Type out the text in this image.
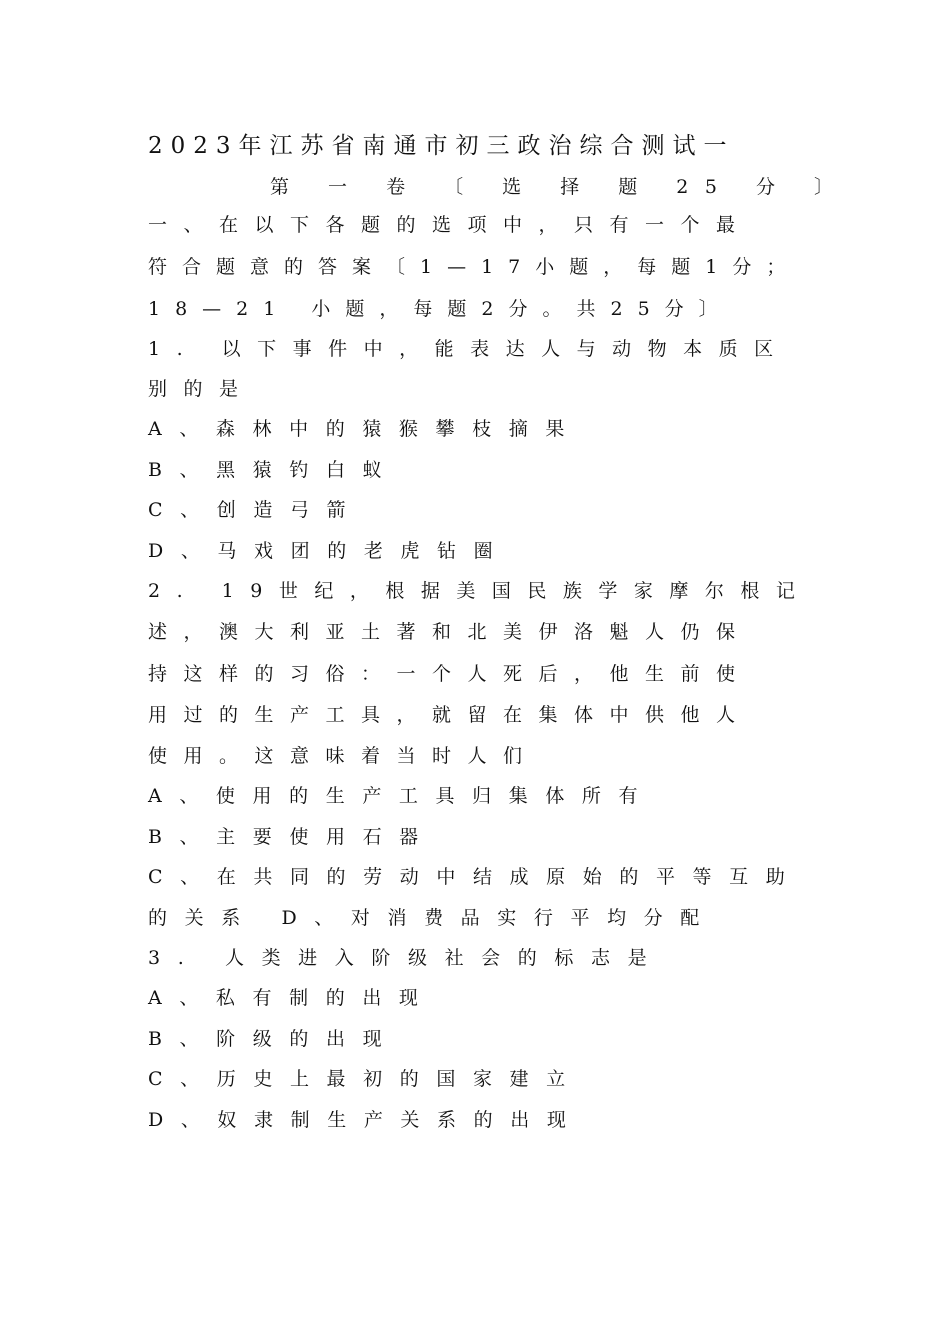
2023年江苏省南通市初三政治综合测试一
第 一 卷 〔 选 择 题 25 分 〕
一、在以下各题的选项中，只有一个最
符合题意的答案〔1—17小题，每题1分；
18—21 小题，每题2分。共25分〕
1. 以下事件中，能表达人与动物本质区
别的是
A、森林中的猿猴攀枝摘果
B、黑猿钓白蚁
C、创造弓箭
D、马戏团的老虎钻圈
2. 19世纪，根据美国民族学家摩尔根记
述，澳大利亚土著和北美伊洛魁人仍保
持这样的习俗：一个人死后，他生前使
用过的生产工具，就留在集体中供他人
使用。这意味着当时人们
A、使用的生产工具归集体所有
B、主要使用石器
C、在共同的劳动中结成原始的平等互助
的关系 D、对消费品实行平均分配
3. 人类进入阶级社会的标志是
A、私有制的出现
B、阶级的出现
C、历史上最初的国家建立
D、奴隶制生产关系的出现
